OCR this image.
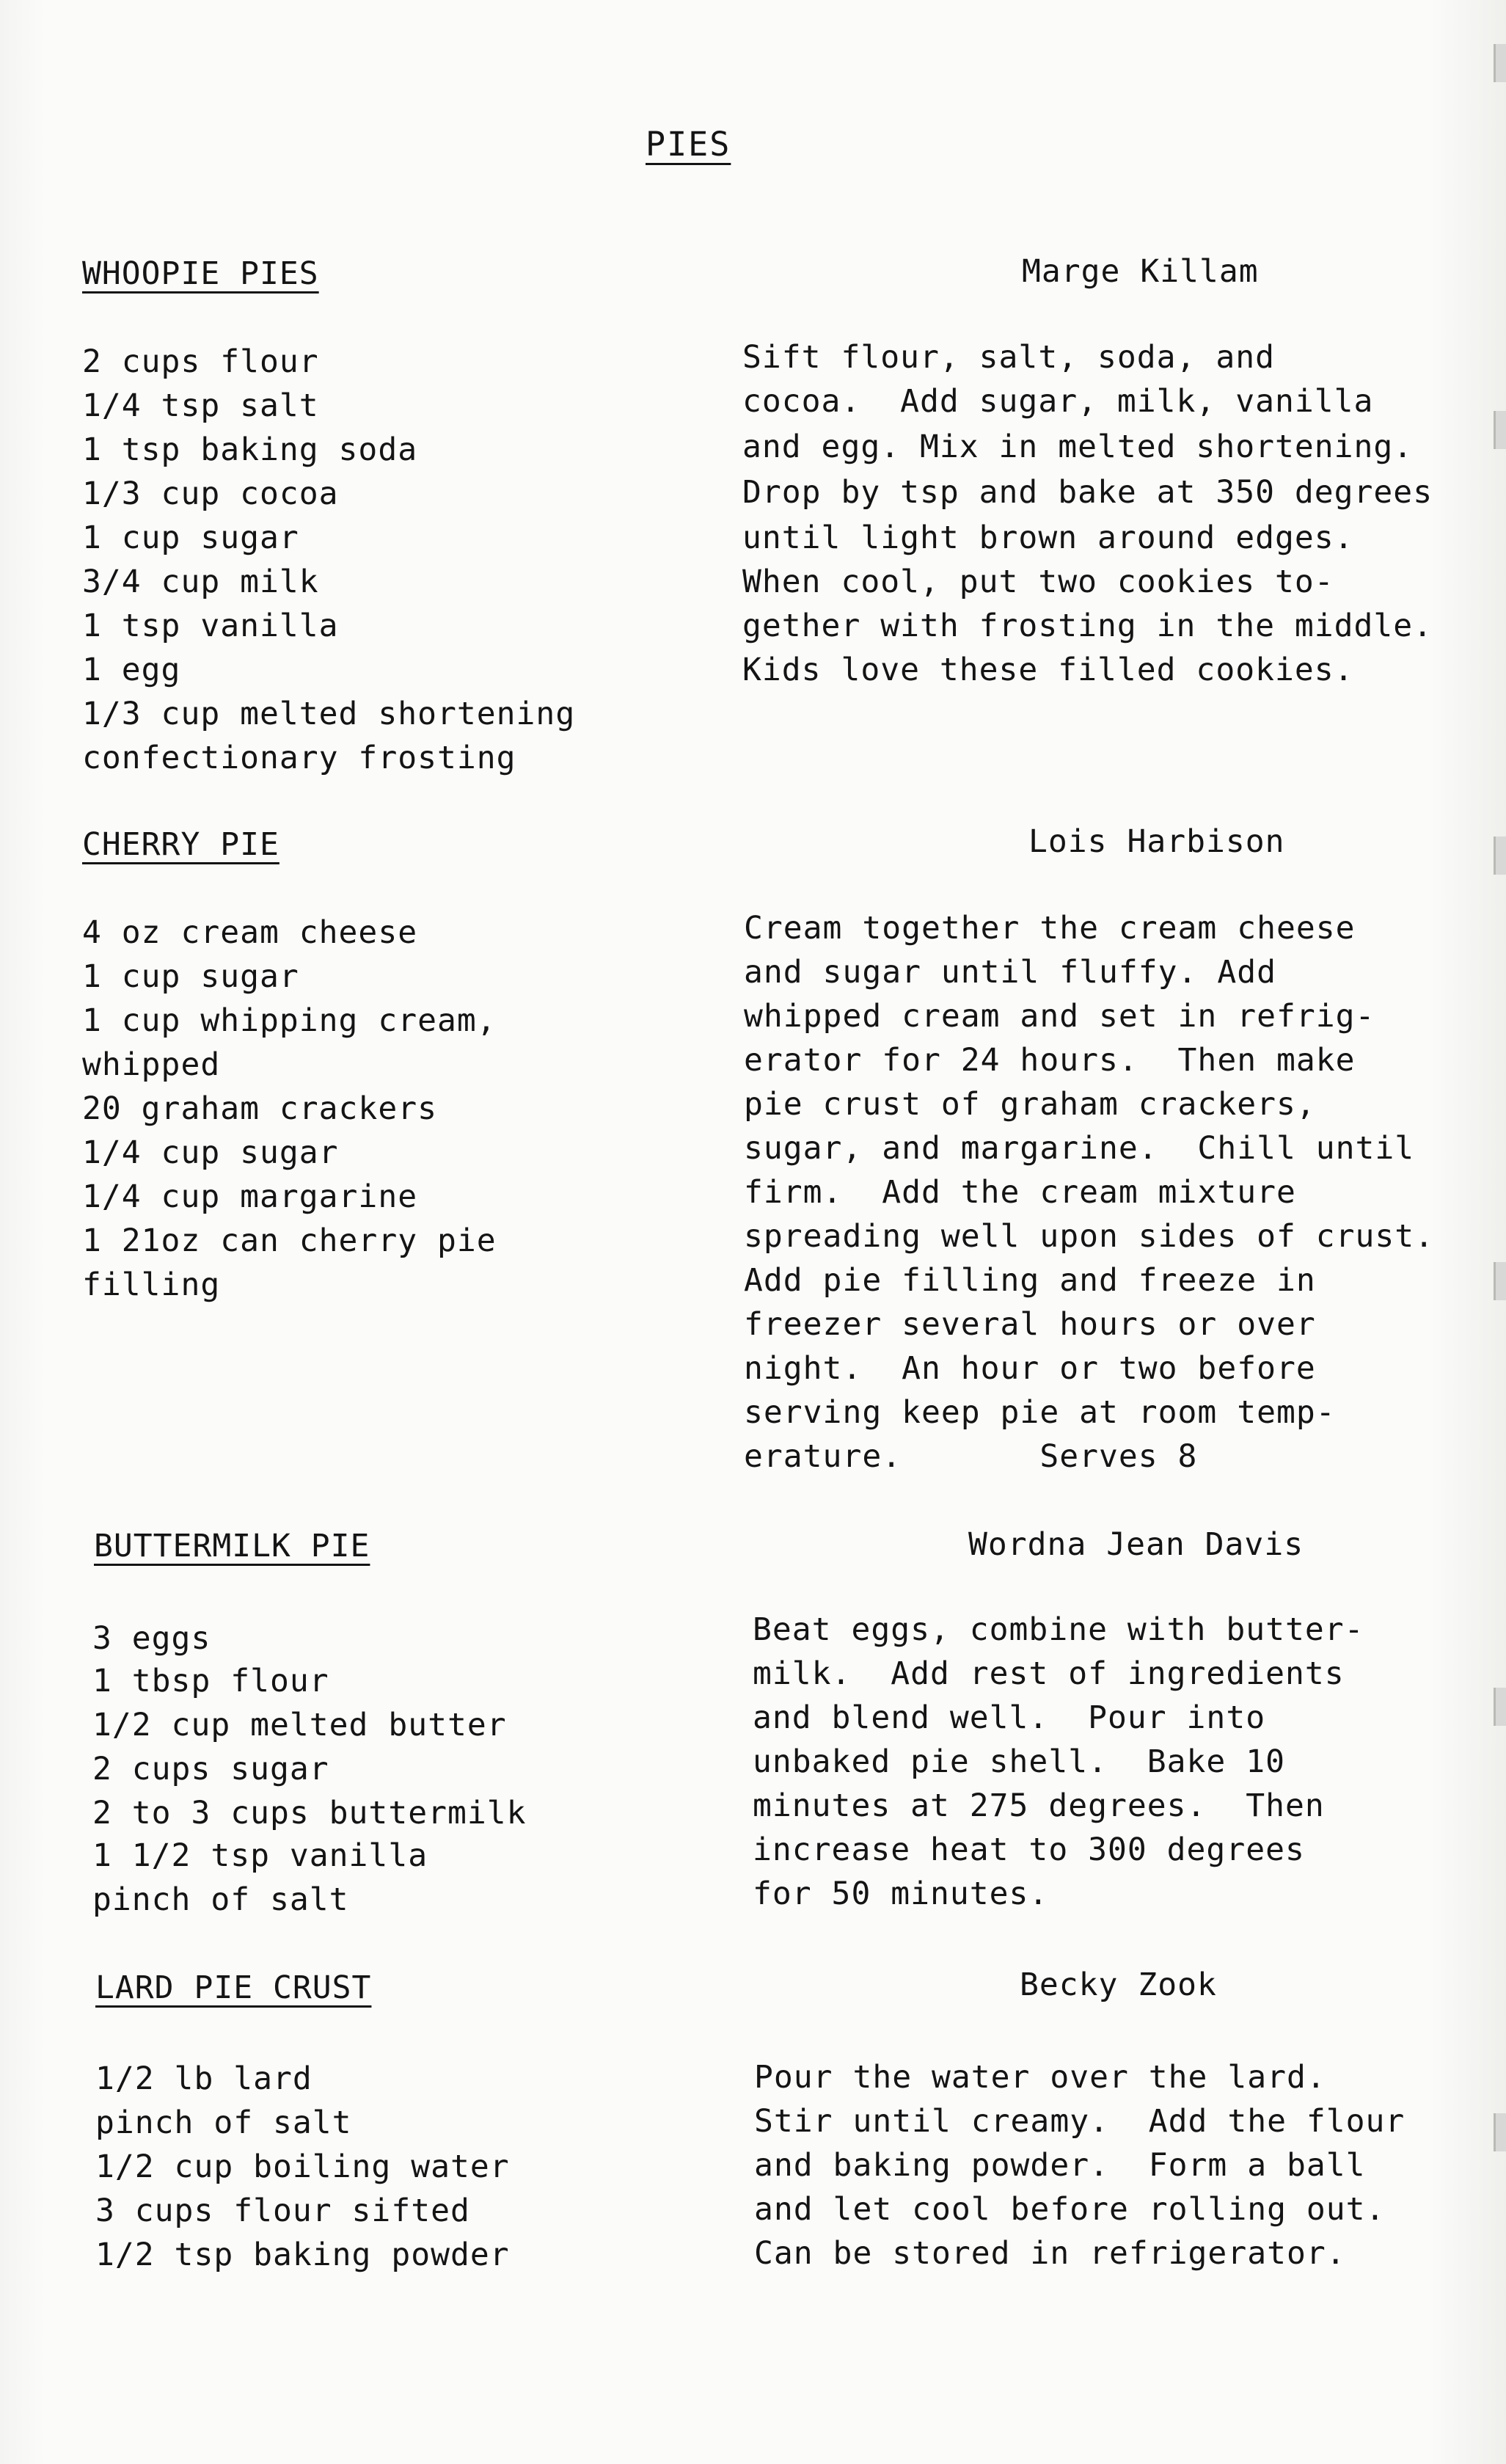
PIES
WHOOPIE PIES	Marge Killam
2 cups flour
1/4 tsp salt
1 tsp baking soda
1/3 cup cocoa
1 cup sugar
3/4 cup milk
1 tsp vanilla
1 egg
1/3 cup melted shortening
confectionary frosting
Sift flour, salt, soda, and
cocoa.  Add sugar, milk, vanilla
and egg. Mix in melted shortening.
Drop by tsp and bake at 350 degrees
until light brown around edges.
When cool, put two cookies to-
gether with frosting in the middle.
Kids love these filled cookies.
CHERRY PIE	Lois Harbison
4 oz cream cheese
1 cup sugar
1 cup whipping cream,
whipped
20 graham crackers
1/4 cup sugar
1/4 cup margarine
1 21oz can cherry pie
filling
Cream together the cream cheese
and sugar until fluffy. Add
whipped cream and set in refrig-
erator for 24 hours.  Then make
pie crust of graham crackers,
sugar, and margarine.  Chill until
firm.  Add the cream mixture
spreading well upon sides of crust.
Add pie filling and freeze in
freezer several hours or over
night.  An hour or two before
serving keep pie at room temp-
erature.       Serves 8
BUTTERMILK PIE	Wordna Jean Davis
3 eggs
1 tbsp flour
1/2 cup melted butter
2 cups sugar
2 to 3 cups buttermilk
1 1/2 tsp vanilla
pinch of salt
Beat eggs, combine with butter-
milk.  Add rest of ingredients
and blend well.  Pour into
unbaked pie shell.  Bake 10
minutes at 275 degrees.  Then
increase heat to 300 degrees
for 50 minutes.
LARD PIE CRUST	Becky Zook
1/2 lb lard
pinch of salt
1/2 cup boiling water
3 cups flour sifted
1/2 tsp baking powder
Pour the water over the lard.
Stir until creamy.  Add the flour
and baking powder.  Form a ball
and let cool before rolling out.
Can be stored in refrigerator.
